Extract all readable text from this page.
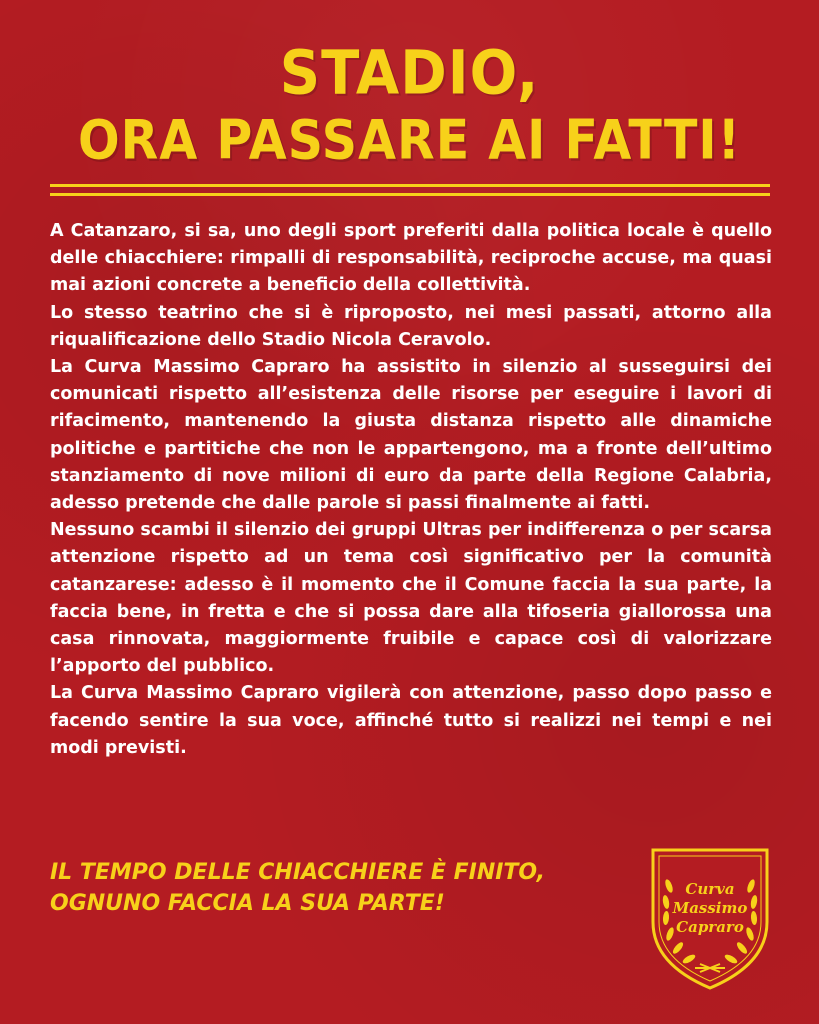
STADIO,
ORA PASSARE AI FATTI!

A Catanzaro, si sa, uno degli sport preferiti dalla politica locale è quello delle chiacchiere: rimpalli di responsabilità, reciproche accuse, ma quasi mai azioni concrete a beneficio della collettività.

Lo stesso teatrino che si è riproposto, nei mesi passati, attorno alla riqualificazione dello Stadio Nicola Ceravolo.

La Curva Massimo Capraro ha assistito in silenzio al susseguirsi dei comunicati rispetto all’esistenza delle risorse per eseguire i lavori di rifacimento, mantenendo la giusta distanza rispetto alle dinamiche politiche e partitiche che non le appartengono, ma a fronte dell’ultimo stanziamento di nove milioni di euro da parte della Regione Calabria, adesso pretende che dalle parole si passi finalmente ai fatti.

Nessuno scambi il silenzio dei gruppi Ultras per indifferenza o per scarsa attenzione rispetto ad un tema così significativo per la comunità catanzarese: adesso è il momento che il Comune faccia la sua parte, la faccia bene, in fretta e che si possa dare alla tifoseria giallorossa una casa rinnovata, maggiormente fruibile e capace così di valorizzare l’apporto del pubblico.

La Curva Massimo Capraro vigilerà con attenzione, passo dopo passo e facendo sentire la sua voce, affinché tutto si realizzi nei tempi e nei modi previsti.

IL TEMPO DELLE CHIACCHIERE È FINITO,
OGNUNO FACCIA LA SUA PARTE!
Curva
Massimo
Capraro
